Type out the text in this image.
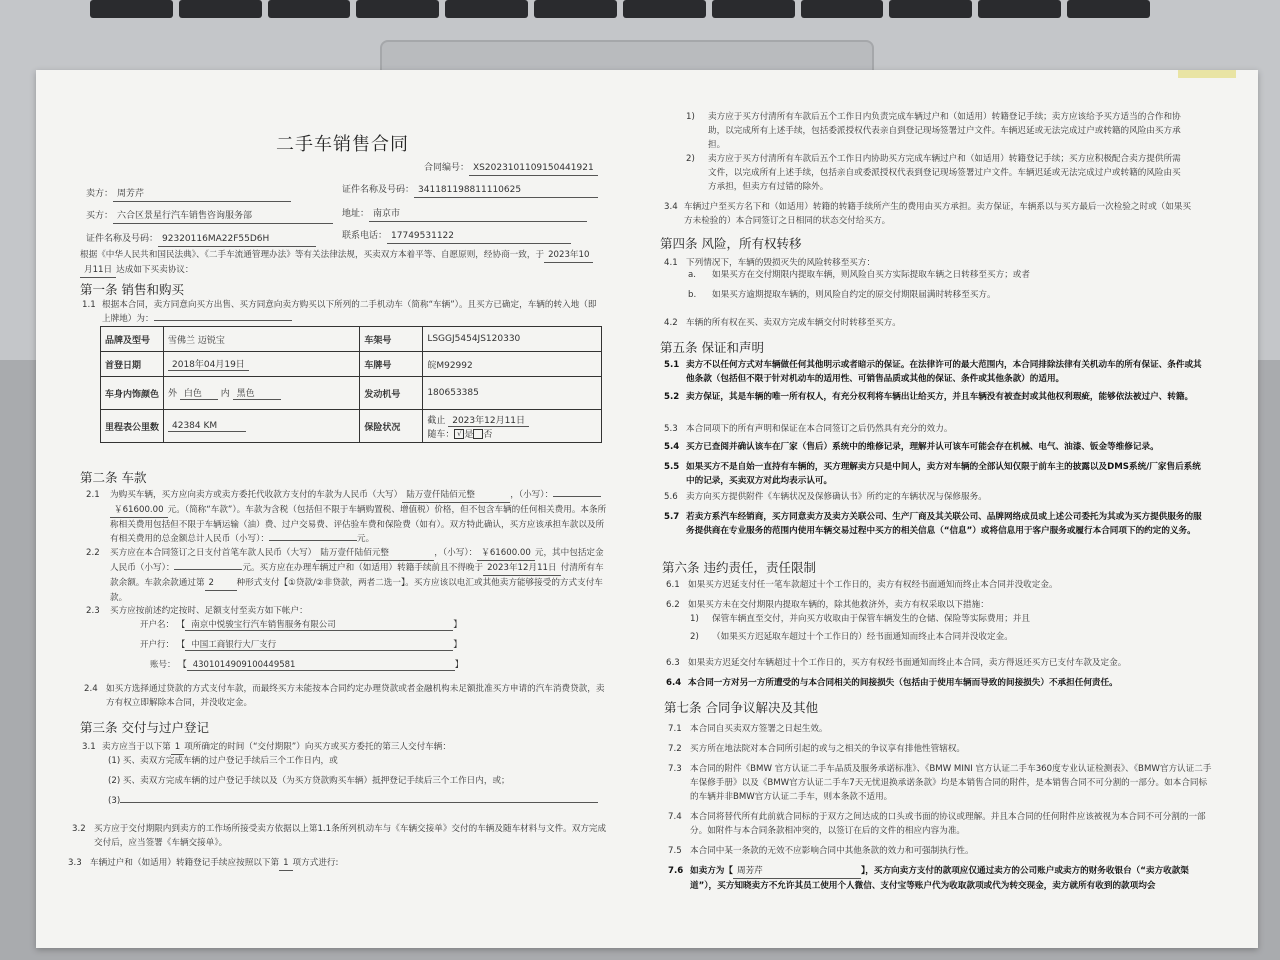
二手车销售合同
合同编号： XS2023101109150441921
卖方： 周芳芹	证件名称及号码： 341181198811110625
买方： 六合区景星行汽车销售咨询服务部	地址： 南京市
证件名称及号码： 92320116MA22F55D6H	联系电话： 17749531122
根据《中华人民共和国民法典》、《二手车流通管理办法》等有关法律法规，买卖双方本着平等、自愿原则，经协商一致，于 2023年10月11日 达成如下买卖协议：
第一条 销售和购买
1.1 根据本合同，卖方同意向买方出售、买方同意向卖方购买以下所列的二手机动车（简称“车辆”）。且买方已确定，车辆的转入地（即上牌地）为：
品牌及型号	雪佛兰 迈锐宝	车架号	LSGGJ5454JS120330
首登日期	2018年04月19日	车牌号	皖M92992
车身内饰颜色	外 白色 内 黑色	发动机号	180653385
里程表公里数	42384 KM	保险状况	截止 2023年12月11日
随车： √ 是 否
第二条 车款
2.1 为购买车辆，买方应向卖方或卖方委托代收款方支付的车款为人民币（大写） 陆万壹仟陆佰元整	，（小写）： ￥61600.00 元。（简称“车款”）。车款为含税（包括但不限于车辆购置税、增值税）价格，但不包含车辆的任何相关费用。本条所称相关费用包括但不限于车辆运输（油）费、过户交易费、评估验车费和保险费（如有）。双方特此确认，买方应该承担车款以及所有相关费用的总金额总计人民币（小写）：	元。
2.2 买方应在本合同签订之日支付首笔车款人民币（大写） 陆万壹仟陆佰元整	，（小写）： ￥61600.00 元，其中包括定金人民币（小写）：	元。买方应在办理车辆过户和（如适用）转籍手续前且不得晚于 2023年12月11日 付清所有车款余额。车款余款通过第 2	种形式支付【①贷款/②非贷款，两者二选一】。买方应该以电汇或其他卖方能够接受的方式支付车款。
2.3 买方应按前述约定按时、足额支付至卖方如下帐户：
开户名： 【 南京中悦骏宝行汽车销售服务有限公司	】
开户行： 【 中国工商银行大厂支行	】
账号： 【 4301014909100449581	】
2.4 如买方选择通过贷款的方式支付车款，而最终买方未能按本合同约定办理贷款或者金融机构未足额批准买方申请的汽车消费贷款，卖方有权立即解除本合同，并没收定金。
第三条 交付与过户登记
3.1 卖方应当于以下第 1 项所确定的时间（“交付期限”）向买方或买方委托的第三人交付车辆：
(1) 买、卖双方完成车辆的过户登记手续后三个工作日内，或
(2) 买、卖双方完成车辆的过户登记手续以及（为买方贷款购买车辆）抵押登记手续后三个工作日内，或；
(3)
3.2 买方应于交付期限内到卖方的工作场所接受卖方依据以上第1.1条所列机动车与《车辆交接单》交付的车辆及随车材料与文件。双方完成交付后，应当签署《车辆交接单》。
3.3 车辆过户和（如适用）转籍登记手续应按照以下第 1 项方式进行:
1) 卖方应于买方付清所有车款后五个工作日内负责完成车辆过户和（如适用）转籍登记手续；卖方应该给予买方适当的合作和协助，以完成所有上述手续，包括委派授权代表亲自到登记现场签署过户文件。车辆迟延或无法完成过户或转籍的风险由买方承担。
2) 卖方应于买方付清所有车款后五个工作日内协助买方完成车辆过户和（如适用）转籍登记手续；买方应积极配合卖方提供所需文件，以完成所有上述手续，包括亲自或委派授权代表到登记现场签署过户文件。车辆迟延或无法完成过户或转籍的风险由买方承担，但卖方有过错的除外。
3.4 车辆过户至买方名下和（如适用）转籍的转籍手续所产生的费用由买方承担。卖方保证，车辆系以与买方最后一次检验之时或（如果买方未检验的）本合同签订之日相同的状态交付给买方。
第四条 风险，所有权转移
4.1 下列情况下，车辆的毁损灭失的风险转移至买方：
a. 如果买方在交付期限内提取车辆，则风险自买方实际提取车辆之日转移至买方；或者
b. 如果买方逾期提取车辆的，则风险自约定的原交付期限届满时转移至买方。
4.2 车辆的所有权在买、卖双方完成车辆交付时转移至买方。
第五条 保证和声明
5.1 卖方不以任何方式对车辆做任何其他明示或者暗示的保证。在法律许可的最大范围内，本合同排除法律有关机动车的所有保证、条件或其他条款（包括但不限于针对机动车的适用性、可销售品质或其他的保证、条件或其他条款）的适用。
5.2 卖方保证，其是车辆的唯一所有权人，有充分权利将车辆出让给买方，并且车辆没有被查封或其他权利瑕疵，能够依法被过户、转籍。
5.3 本合同项下的所有声明和保证在本合同签订之后仍然具有充分的效力。
5.4 买方已查阅并确认该车在厂家（售后）系统中的维修记录，理解并认可该车可能会存在机械、电气、油漆、钣金等维修记录。
5.5 如果买方不是自始一直持有车辆的，买方理解卖方只是中间人，卖方对车辆的全部认知仅限于前车主的披露以及DMS系统/厂家售后系统中的记录，买卖双方对此均表示认可。
5.6 卖方向买方提供附件《车辆状况及保修确认书》所约定的车辆状况与保修服务。
5.7 若卖方系汽车经销商，买方同意卖方及卖方关联公司、生产厂商及其关联公司、品牌网络成员或上述公司委托为其或为买方提供服务的服务提供商在专业服务的范围内使用车辆交易过程中买方的相关信息（“信息”）或将信息用于客户服务或履行本合同项下的约定的义务。
第六条 违约责任，责任限制
6.1 如果买方迟延支付任一笔车款超过十个工作日的，卖方有权经书面通知而终止本合同并没收定金。
6.2 如果买方未在交付期限内提取车辆的，除其他救济外，卖方有权采取以下措施：
1) 保管车辆直至交付，并向买方收取由于保管车辆发生的仓储、保险等实际费用；并且
2) （如果买方迟延取车超过十个工作日的）经书面通知而终止本合同并没收定金。
6.3 如果卖方迟延交付车辆超过十个工作日的，买方有权经书面通知而终止本合同，卖方得返还买方已支付车款及定金。
6.4 本合同一方对另一方所遭受的与本合同相关的间接损失（包括由于使用车辆而导致的间接损失）不承担任何责任。
第七条 合同争议解决及其他
7.1 本合同自买卖双方签署之日起生效。
7.2 买方所在地法院对本合同所引起的或与之相关的争议享有排他性管辖权。
7.3 本合同的附件《BMW 官方认证二手车品质及服务承诺标准》、《BMW MINI 官方认证二手车360度专业认证检测表》、《BMW官方认证二手车保修手册》以及《BMW官方认证二手车7天无忧退换承诺条款》均是本销售合同的附件，是本销售合同不可分割的一部分。如本合同标的车辆并非BMW官方认证二手车，则本条款不适用。
7.4 本合同将替代所有此前就合同标的于双方之间达成的口头或书面的协议或理解。并且本合同的任何附件应该被视为本合同不可分割的一部分。如附件与本合同条款相冲突的，以签订在后的文件的相应内容为准。
7.5 本合同中某一条款的无效不应影响合同中其他条款的效力和可强制执行性。
7.6 如卖方为【 周芳芹	】，买方向卖方支付的款项应仅通过卖方的公司账户或卖方的财务收银台（“卖方收款渠道”），买方知晓卖方不允许其员工使用个人微信、支付宝等账户代为收取款项或代为转交现金，卖方就所有收到的款项均会
